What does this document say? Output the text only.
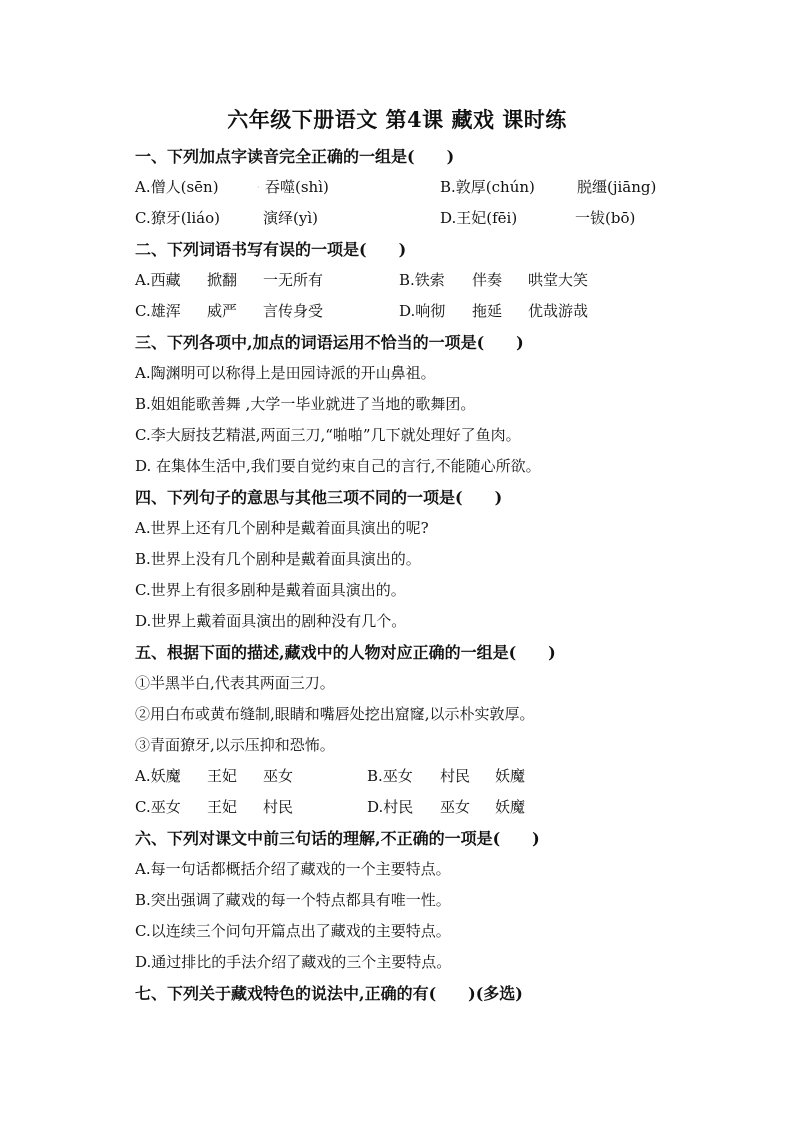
六年级下册语文 第4课 藏戏 课时练
一、下列加点字读音完全正确的一组是(　　)
A.僧人(sēn)	· 吞噬(shì)	B.敦厚(chún)	脱缰(jiāng)
C.獠牙(liáo)	演绎(yì)	D.王妃(fēi)	一钹(bō)
二、下列词语书写有误的一项是(　　)
A.西藏 掀翻 一无所有	B.铁索 伴奏 哄堂大笑
C.雄浑 威严 言传身受	D.响彻 拖延 优哉游哉
三、下列各项中,加点的词语运用不恰当的一项是(　　)
A.陶渊明可以称得上是田园诗派的开山鼻祖。
B.姐姐能歌善舞 ,大学一毕业就进了当地的歌舞团。
C.李大厨技艺精湛,两面三刀,“啪啪”几下就处理好了鱼肉。
D. 在集体生活中,我们要自觉约束自己的言行,不能随心所欲。
四、下列句子的意思与其他三项不同的一项是(　　)
A.世界上还有几个剧种是戴着面具演出的呢?
B.世界上没有几个剧种是戴着面具演出的。
C.世界上有很多剧种是戴着面具演出的。
D.世界上戴着面具演出的剧种没有几个。
五、根据下面的描述,藏戏中的人物对应正确的一组是(　　)
①半黑半白,代表其两面三刀。
②用白布或黄布缝制,眼睛和嘴唇处挖出窟窿,以示朴实敦厚。
③青面獠牙,以示压抑和恐怖。
A.妖魔 王妃 巫女	B.巫女 村民 妖魔
C.巫女 王妃 村民	D.村民 巫女 妖魔
六、下列对课文中前三句话的理解,不正确的一项是(　　)
A.每一句话都概括介绍了藏戏的一个主要特点。
B.突出强调了藏戏的每一个特点都具有唯一性。
C.以连续三个问句开篇点出了藏戏的主要特点。
D.通过排比的手法介绍了藏戏的三个主要特点。
七、下列关于藏戏特色的说法中,正确的有(　　)(多选)
